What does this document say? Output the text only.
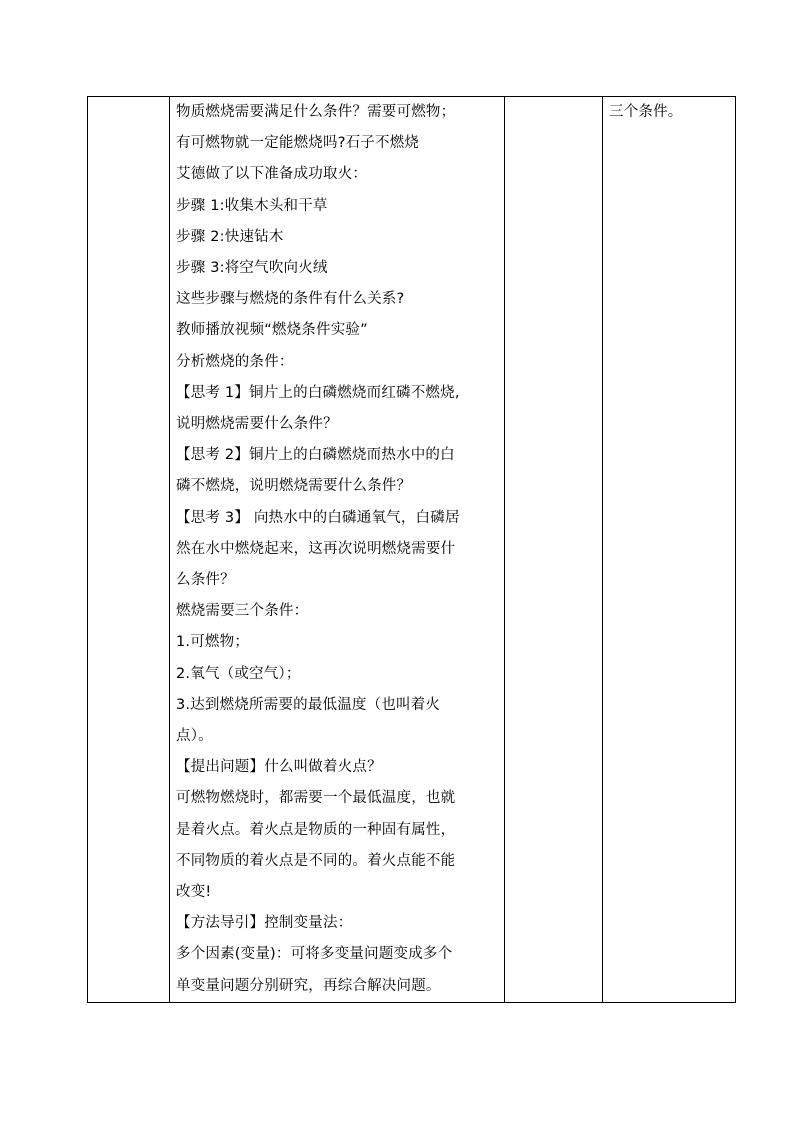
物质燃烧需要满足什么条件？需要可燃物；
有可燃物就一定能燃烧吗?石子不燃烧
艾德做了以下准备成功取火：
步骤 1:收集木头和干草
步骤 2:快速钻木
步骤 3:将空气吹向火绒
这些步骤与燃烧的条件有什么关系?
教师播放视频“燃烧条件实验”
分析燃烧的条件：
【思考 1】铜片上的白磷燃烧而红磷不燃烧,
说明燃烧需要什么条件？
【思考 2】铜片上的白磷燃烧而热水中的白
磷不燃烧，说明燃烧需要什么条件？
【思考 3】 向热水中的白磷通氧气，白磷居
然在水中燃烧起来，这再次说明燃烧需要什
么条件？
燃烧需要三个条件：
1.可燃物；
2.氧气（或空气）；
3.达到燃烧所需要的最低温度（也叫着火
点）。
【提出问题】什么叫做着火点？
可燃物燃烧时，都需要一个最低温度，也就
是着火点。着火点是物质的一种固有属性，
不同物质的着火点是不同的。着火点能不能
改变!
【方法导引】控制变量法：
多个因素(变量)：可将多变量问题变成多个
单变量问题分别研究，再综合解决问题。

三个条件。
